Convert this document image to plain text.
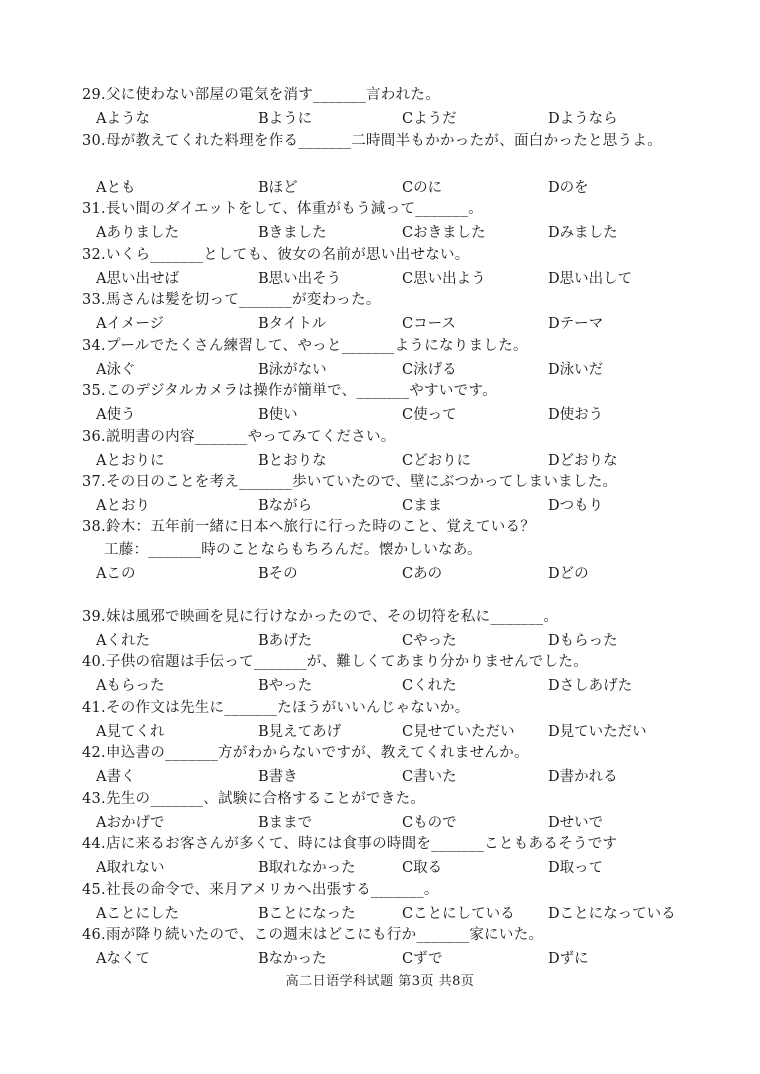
29.父に使わない部屋の電気を消す_______言われた。
Aような	Bように	Cようだ	Dようなら
30.母が教えてくれた料理を作る_______二時間半もかかったが、面白かったと思うよ。
Aとも	Bほど	Cのに	Dのを
31.長い間のダイエットをして、体重がもう減って_______。
Aありました	Bきました	Cおきました	Dみました
32.いくら_______としても、彼女の名前が思い出せない。
A思い出せば	B思い出そう	C思い出よう	D思い出して
33.馬さんは髪を切って_______が変わった。
Aイメージ	Bタイトル	Cコース	Dテーマ
34.プールでたくさん練習して、やっと_______ようになりました。
A泳ぐ	B泳がない	C泳げる	D泳いだ
35.このデジタルカメラは操作が簡単で、_______やすいです。
A使う	B使い	C使って	D使おう
36.説明書の内容_______やってみてください。
Aとおりに	Bとおりな	Cどおりに	Dどおりな
37.その日のことを考え_______歩いていたので、壁にぶつかってしまいました。
Aとおり	Bながら	Cまま	Dつもり
38.鈴木：五年前一緒に日本へ旅行に行った時のこと、覚えている？
工藤：_______時のことならもちろんだ。懐かしいなあ。
Aこの	Bその	Cあの	Dどの
39.妹は風邪で映画を見に行けなかったので、その切符を私に_______。
Aくれた	Bあげた	Cやった	Dもらった
40.子供の宿題は手伝って_______が、難しくてあまり分かりませんでした。
Aもらった	Bやった	Cくれた	Dさしあげた
41.その作文は先生に_______たほうがいいんじゃないか。
A見てくれ	B見えてあげ	C見せていただい D見ていただい
42.申込書の_______方がわからないですが、教えてくれませんか。
A書く	B書き	C書いた	D書かれる
43.先生の_______、試験に合格することができた。
Aおかげで	Bままで	Cもので	Dせいで
44.店に来るお客さんが多くて、時には食事の時間を_______こともあるそうです
A取れない	B取れなかった	C取る	D取って
45.社長の命令で、来月アメリカへ出張する_______。
Aことにした	Bことになった	Cことにしている Dことになっている
46.雨が降り続いたので、この週末はどこにも行か_______家にいた。
Aなくて	Bなかった	Cずで	Dずに
高二日语学科试题 第3页 共8页
